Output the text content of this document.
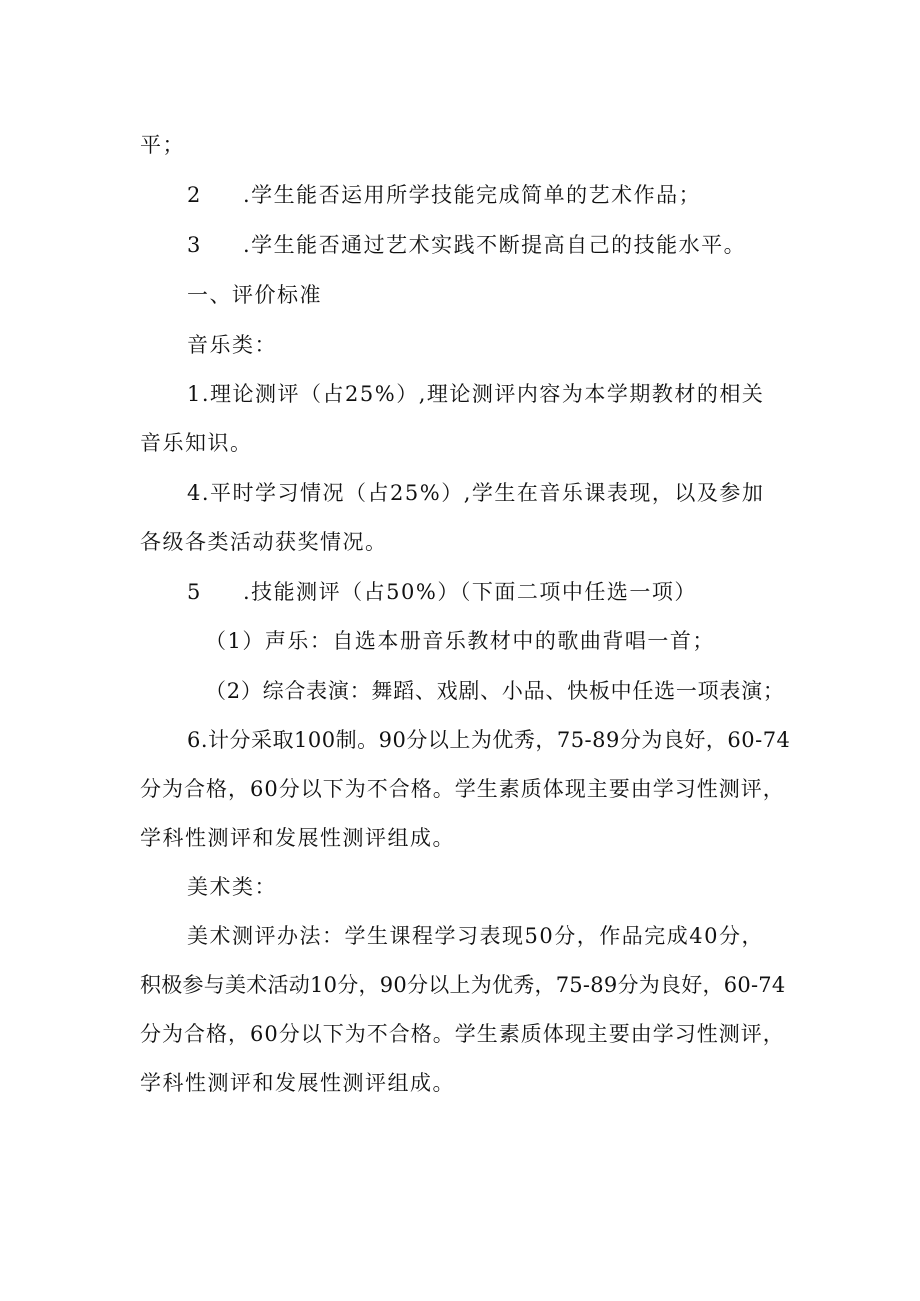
平；
2 .学生能否运用所学技能完成简单的艺术作品；
3 .学生能否通过艺术实践不断提高自己的技能水平。
一、评价标准
音乐类：
1.理论测评（占25%）,理论测评内容为本学期教材的相关
音乐知识。
4.平时学习情况（占25%）,学生在音乐课表现，以及参加
各级各类活动获奖情况。
5 .技能测评（占50%）（下面二项中任选一项）
（1）声乐：自选本册音乐教材中的歌曲背唱一首；
（2）综合表演：舞蹈、戏剧、小品、快板中任选一项表演；
6.计分采取100制。90分以上为优秀，75-89分为良好，60-74
分为合格，60分以下为不合格。学生素质体现主要由学习性测评，
学科性测评和发展性测评组成。
美术类：
美术测评办法：学生课程学习表现50分，作品完成40分，
积极参与美术活动10分，90分以上为优秀，75-89分为良好，60-74
分为合格，60分以下为不合格。学生素质体现主要由学习性测评，
学科性测评和发展性测评组成。
